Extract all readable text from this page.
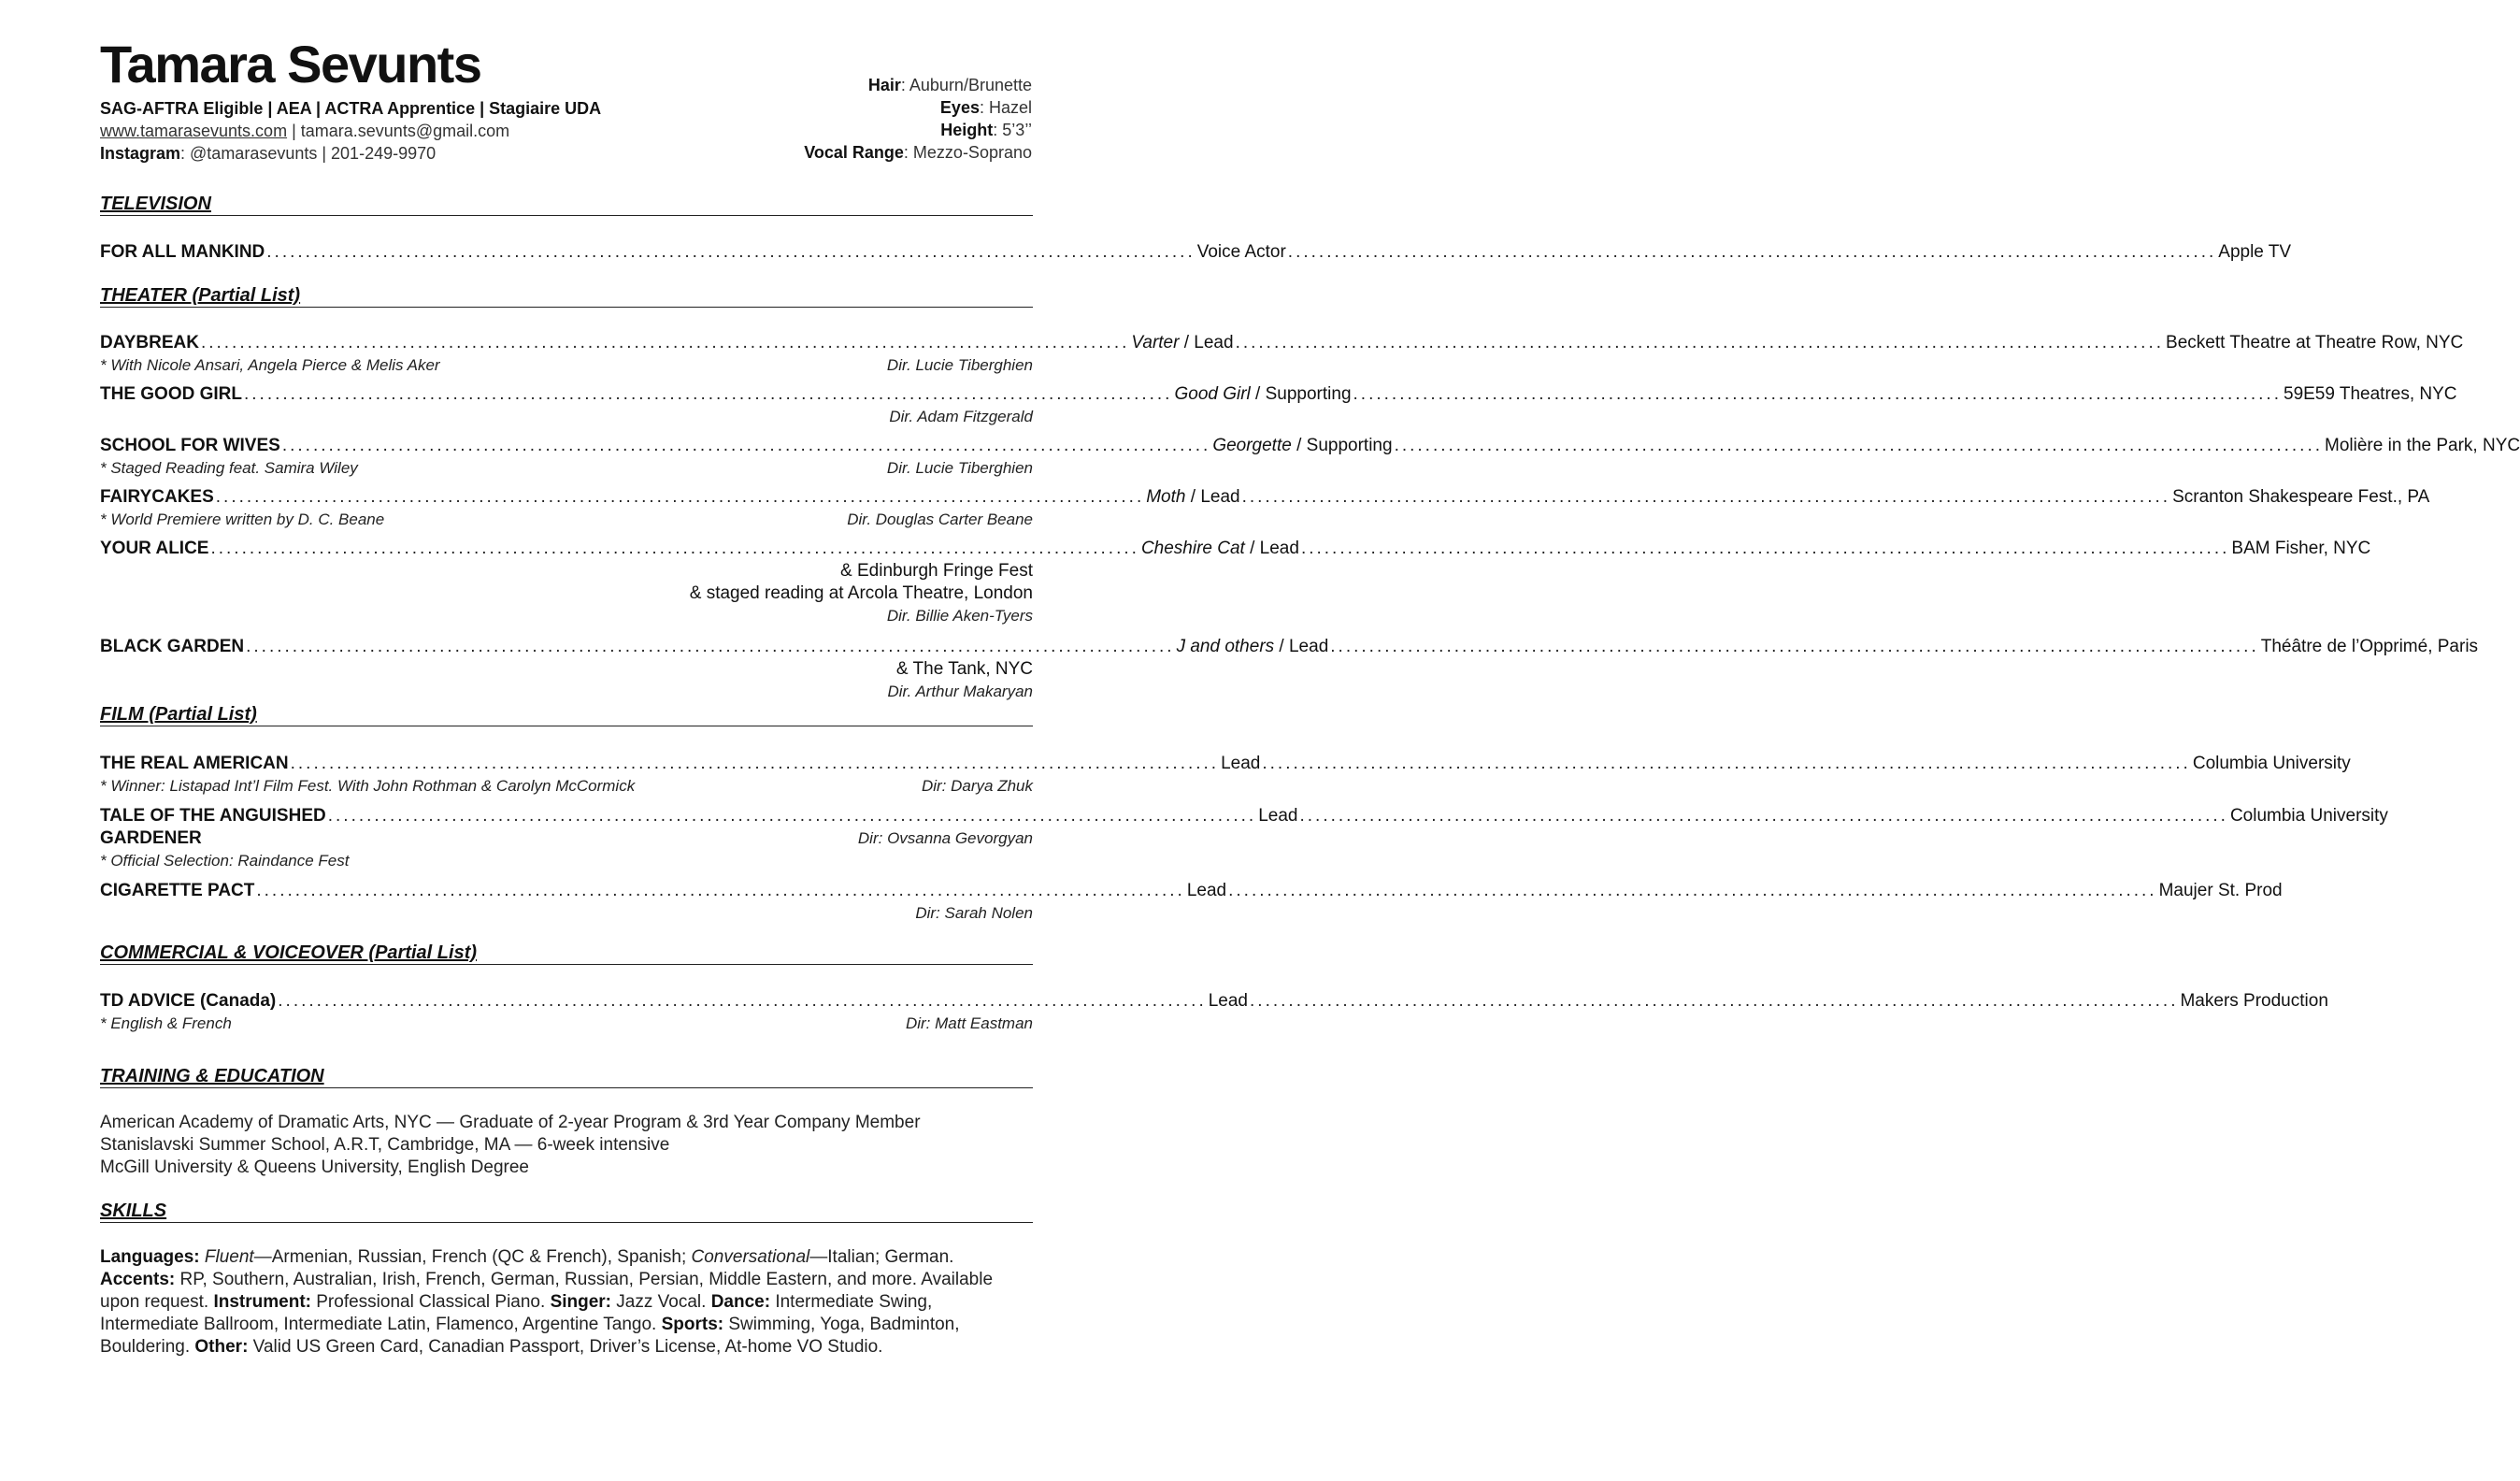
Tamara Sevunts
SAG-AFTRA Eligible | AEA | ACTRA Apprentice | Stagiaire UDA
www.tamarasevunts.com | tamara.sevunts@gmail.com
Instagram: @tamarasevunts | 201-249-9970
Hair: Auburn/Brunette
Eyes: Hazel
Height: 5’3’’
Vocal Range: Mezzo-Soprano
TELEVISION
FOR ALL MANKIND ........................................................................................................................ Voice Actor ........................................................................................................................ Apple TV
THEATER (Partial List)
DAYBREAK ........................................................................................................................ Varter / Lead ........................................................................................................................ Beckett Theatre at Theatre Row, NYC
* With Nicole Ansari, Angela Pierce & Melis Aker	Dir. Lucie Tiberghien
THE GOOD GIRL ........................................................................................................................ Good Girl / Supporting ........................................................................................................................ 59E59 Theatres, NYC
Dir. Adam Fitzgerald
SCHOOL FOR WIVES ........................................................................................................................ Georgette / Supporting ........................................................................................................................ Molière in the Park, NYC
* Staged Reading feat. Samira Wiley	Dir. Lucie Tiberghien
FAIRYCAKES ........................................................................................................................ Moth / Lead ........................................................................................................................ Scranton Shakespeare Fest., PA
* World Premiere written by D. C. Beane	Dir. Douglas Carter Beane
YOUR ALICE ........................................................................................................................ Cheshire Cat / Lead ........................................................................................................................ BAM Fisher, NYC
& Edinburgh Fringe Fest
& staged reading at Arcola Theatre, London
Dir. Billie Aken-Tyers
BLACK GARDEN ........................................................................................................................ J and others / Lead ........................................................................................................................ Théâtre de l’Opprimé, Paris
& The Tank, NYC
Dir. Arthur Makaryan
FILM (Partial List)
THE REAL AMERICAN ........................................................................................................................ Lead ........................................................................................................................ Columbia University
* Winner: Listapad Int’l Film Fest. With John Rothman & Carolyn McCormick	Dir: Darya Zhuk
TALE OF THE ANGUISHED ........................................................................................................................ Lead ........................................................................................................................ Columbia University
GARDENER	Dir: Ovsanna Gevorgyan
* Official Selection: Raindance Fest
CIGARETTE PACT ........................................................................................................................ Lead ........................................................................................................................ Maujer St. Prod
Dir: Sarah Nolen
COMMERCIAL & VOICEOVER (Partial List)
TD ADVICE (Canada) ........................................................................................................................ Lead ........................................................................................................................ Makers Production
* English & French	Dir: Matt Eastman
TRAINING & EDUCATION
American Academy of Dramatic Arts, NYC — Graduate of 2-year Program & 3rd Year Company Member
Stanislavski Summer School, A.R.T, Cambridge, MA — 6-week intensive
McGill University & Queens University, English Degree
SKILLS
Languages: Fluent—Armenian, Russian, French (QC & French), Spanish; Conversational—Italian; German.
Accents: RP, Southern, Australian, Irish, French, German, Russian, Persian, Middle Eastern, and more. Available upon request. Instrument: Professional Classical Piano. Singer: Jazz Vocal. Dance: Intermediate Swing, Intermediate Ballroom, Intermediate Latin, Flamenco, Argentine Tango. Sports: Swimming, Yoga, Badminton, Bouldering. Other: Valid US Green Card, Canadian Passport, Driver’s License, At-home VO Studio.
